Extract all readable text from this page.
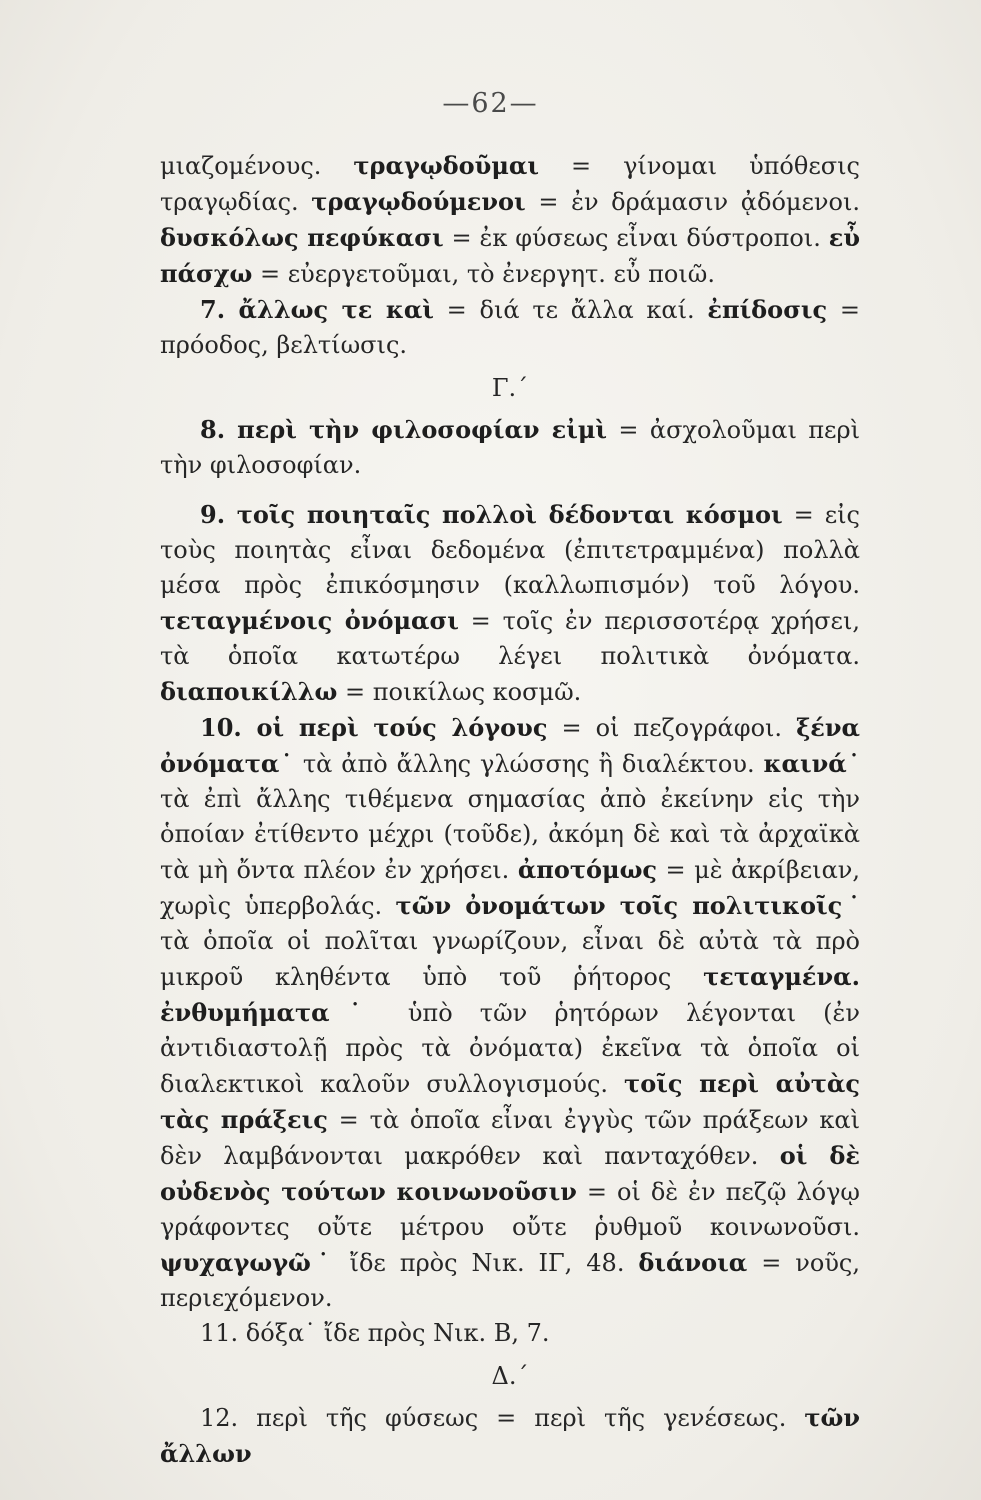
—62—

μιαζομένους. τραγῳδοῦμαι = γίνομαι ὑπόθεσις τραγῳδίας. τραγῳδούμενοι = ἐν δράμασιν ᾀδόμενοι. δυσκόλως πεφύκασι = ἐκ φύσεως εἶναι δύστροποι. εὖ πάσχω = εὐεργετοῦμαι, τὸ ἐνεργητ. εὖ ποιῶ.

7. ἄλλως τε καὶ = διά τε ἄλλα καί. ἐπίδοσις = πρόοδος, βελτίωσις.

Γ.΄

8. περὶ τὴν φιλοσοφίαν εἰμὶ = ἀσχολοῦμαι περὶ τὴν φιλοσοφίαν.

9. τοῖς ποιηταῖς πολλοὶ δέδονται κόσμοι = εἰς τοὺς ποιητὰς εἶναι δεδομένα (ἐπιτετραμμένα) πολλὰ μέσα πρὸς ἐπικόσμησιν (καλλωπισμόν) τοῦ λόγου. τεταγμένοις ὀνόμασι = τοῖς ἐν περισσοτέρᾳ χρήσει, τὰ ὁποῖα κατωτέρω λέγει πολιτικὰ ὀνόματα. διαποικίλλω = ποικίλως κοσμῶ.

10. οἱ περὶ τούς λόγους = οἱ πεζογράφοι. ξένα ὀνόματα˙ τὰ ἀπὸ ἄλλης γλώσσης ἢ διαλέκτου. καινά˙ τὰ ἐπὶ ἄλλης τιθέμενα σημασίας ἀπὸ ἐκείνην εἰς τὴν ὁποίαν ἐτίθεντο μέχρι (τοῦδε), ἀκόμη δὲ καὶ τὰ ἀρχαϊκὰ τὰ μὴ ὄντα πλέον ἐν χρήσει. ἀποτόμως = μὲ ἀκρίβειαν, χωρὶς ὑπερβολάς. τῶν ὀνομάτων τοῖς πολιτικοῖς˙ τὰ ὁποῖα οἱ πολῖται γνωρίζουν, εἶναι δὲ αὐτὰ τὰ πρὸ μικροῦ κληθέντα ὑπὸ τοῦ ῥήτορος τεταγμένα. ἐνθυμήματα˙ ὑπὸ τῶν ῥητόρων λέγονται (ἐν ἀντιδιαστολῇ πρὸς τὰ ὀνόματα) ἐκεῖνα τὰ ὁποῖα οἱ διαλεκτικοὶ καλοῦν συλλογισμούς. τοῖς περὶ αὐτὰς τὰς πράξεις = τὰ ὁποῖα εἶναι ἐγγὺς τῶν πράξεων καὶ δὲν λαμβάνονται μακρόθεν καὶ πανταχόθεν. οἱ δὲ οὐδενὸς τούτων κοινωνοῦσιν = οἱ δὲ ἐν πεζῷ λόγῳ γράφοντες οὔτε μέτρου οὔτε ῥυθμοῦ κοινωνοῦσι. ψυχαγωγῶ˙ ἴδε πρὸς Νικ. ΙΓ, 48. διάνοια = νοῦς, περιεχόμενον.

11. δόξα˙ ἴδε πρὸς Νικ. Β, 7.

Δ.΄

12. περὶ τῆς φύσεως = περὶ τῆς γενέσεως. τῶν ἄλλων
